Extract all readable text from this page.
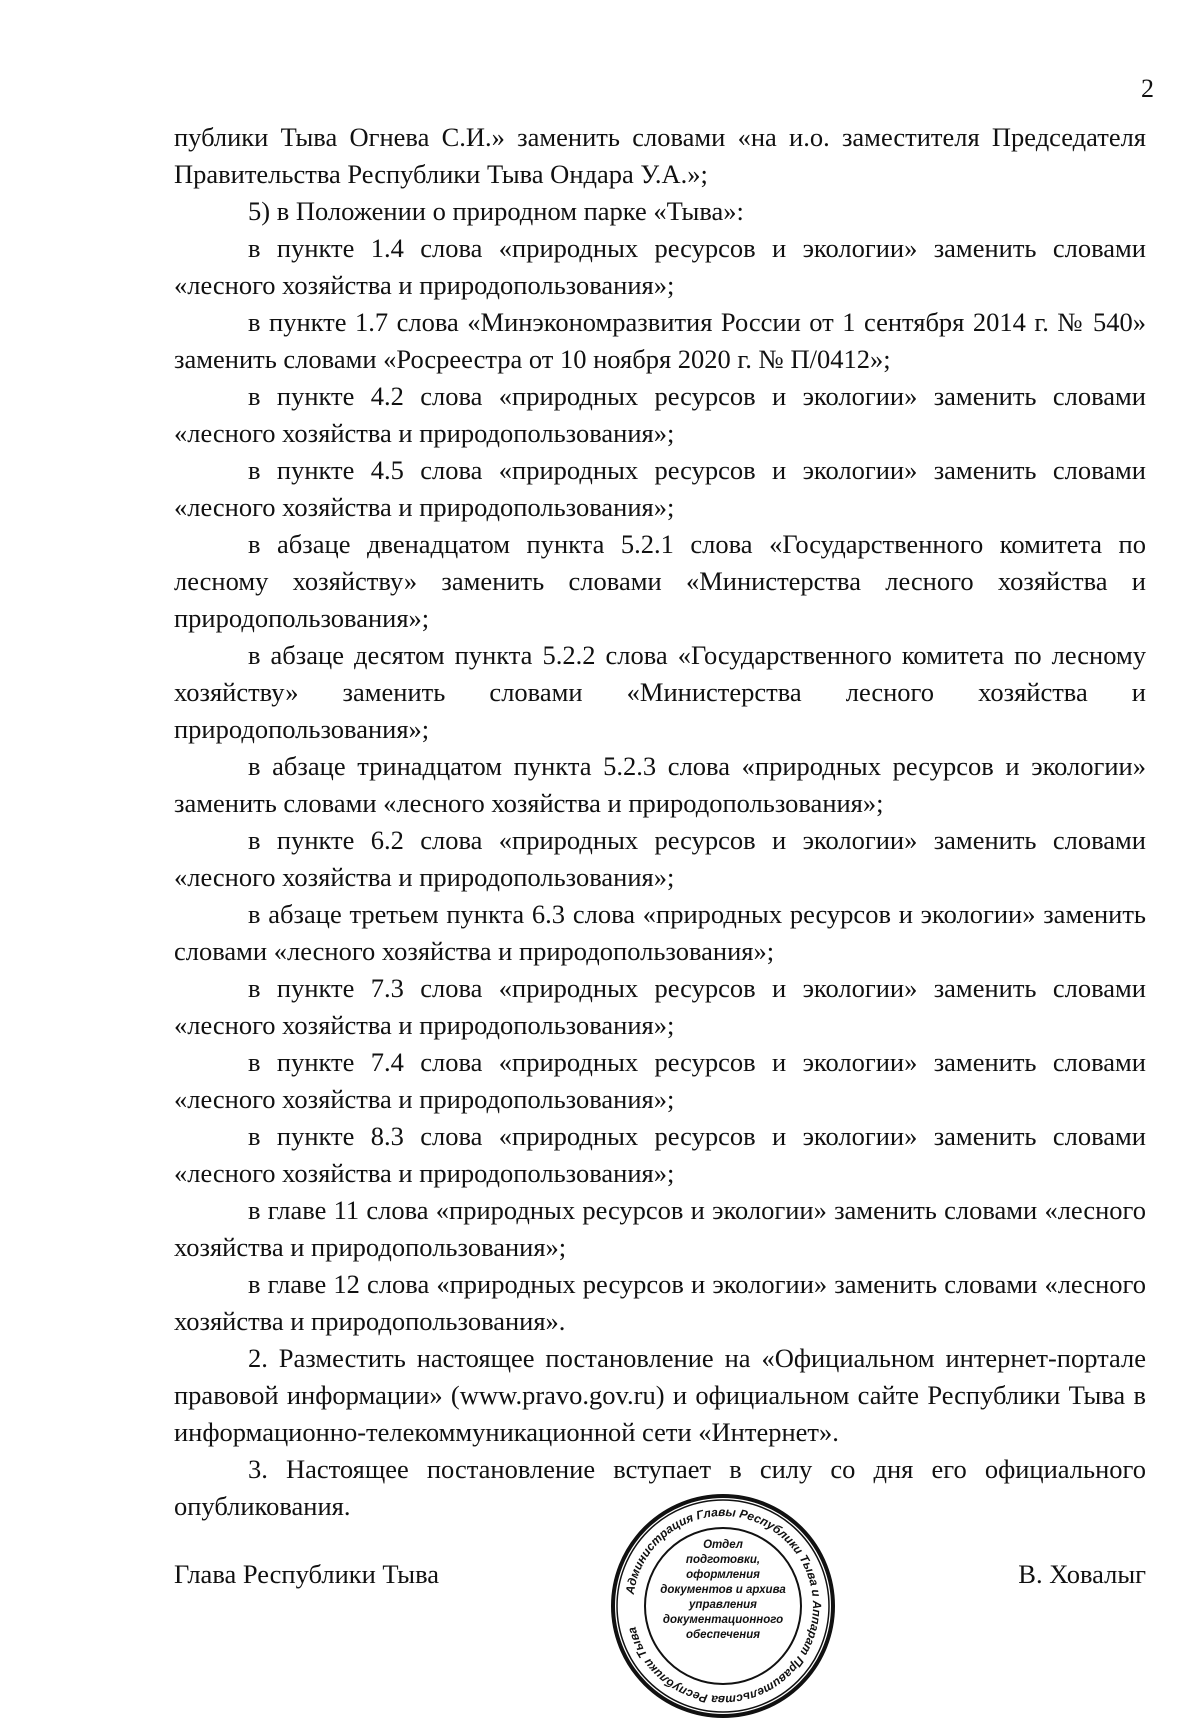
2

публики Тыва Огнева С.И.» заменить словами «на и.о. заместителя Председателя Правительства Республики Тыва Ондара У.А.»;

5) в Положении о природном парке «Тыва»:

в пункте 1.4 слова «природных ресурсов и экологии» заменить словами «лесного хозяйства и природопользования»;

в пункте 1.7 слова «Минэкономразвития России от 1 сентября 2014 г. № 540» заменить словами «Росреестра от 10 ноября 2020 г. № П/0412»;

в пункте 4.2 слова «природных ресурсов и экологии» заменить словами «лесного хозяйства и природопользования»;

в пункте 4.5 слова «природных ресурсов и экологии» заменить словами «лесного хозяйства и природопользования»;

в абзаце двенадцатом пункта 5.2.1 слова «Государственного комитета по лесному хозяйству» заменить словами «Министерства лесного хозяйства и природопользования»;

в абзаце десятом пункта 5.2.2 слова «Государственного комитета по лесному хозяйству» заменить словами «Министерства лесного хозяйства и природопользования»;

в абзаце тринадцатом пункта 5.2.3 слова «природных ресурсов и экологии» заменить словами «лесного хозяйства и природопользования»;

в пункте 6.2 слова «природных ресурсов и экологии» заменить словами «лесного хозяйства и природопользования»;

в абзаце третьем пункта 6.3 слова «природных ресурсов и экологии» заменить словами «лесного хозяйства и природопользования»;

в пункте 7.3 слова «природных ресурсов и экологии» заменить словами «лесного хозяйства и природопользования»;

в пункте 7.4 слова «природных ресурсов и экологии» заменить словами «лесного хозяйства и природопользования»;

в пункте 8.3 слова «природных ресурсов и экологии» заменить словами «лесного хозяйства и природопользования»;

в главе 11 слова «природных ресурсов и экологии» заменить словами «лесного хозяйства и природопользования»;

в главе 12 слова «природных ресурсов и экологии» заменить словами «лесного хозяйства и природопользования».

2. Разместить настоящее постановление на «Официальном интернет-портале правовой информации» (www.pravo.gov.ru) и официальном сайте Республики Тыва в информационно-телекоммуникационной сети «Интернет».

3. Настоящее постановление вступает в силу со дня его официального опубликования.

Глава Республики Тыва	В. Ховалыг
Администрация Главы Республики Тыва и Аппарат Правительства Республики Тыва
Отдел
подготовки,
оформления
документов и архива
управления
документационного
обеспечения
